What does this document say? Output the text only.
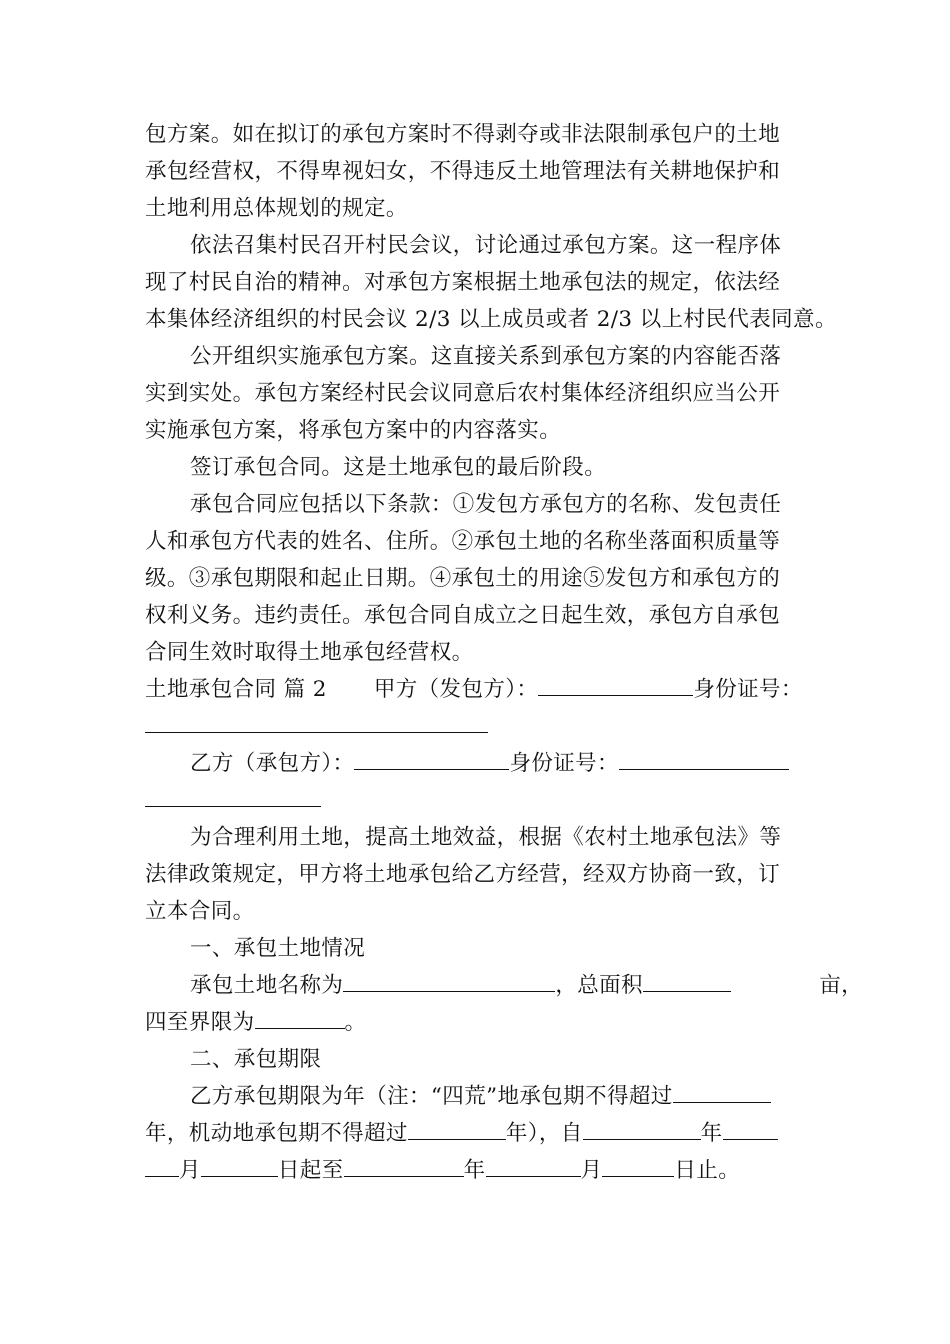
包方案。如在拟订的承包方案时不得剥夺或非法限制承包户的土地
承包经营权，不得卑视妇女，不得违反土地管理法有关耕地保护和
土地利用总体规划的规定。
依法召集村民召开村民会议，讨论通过承包方案。这一程序体
现了村民自治的精神。对承包方案根据土地承包法的规定，依法经
本集体经济组织的村民会议 2/3 以上成员或者 2/3 以上村民代表同意。
公开组织实施承包方案。这直接关系到承包方案的内容能否落
实到实处。承包方案经村民会议同意后农村集体经济组织应当公开
实施承包方案，将承包方案中的内容落实。
签订承包合同。这是土地承包的最后阶段。
承包合同应包括以下条款：①发包方承包方的名称、发包责任
人和承包方代表的姓名、住所。②承包土地的名称坐落面积质量等
级。③承包期限和起止日期。④承包土的用途⑤发包方和承包方的
权利义务。违约责任。承包合同自成立之日起生效，承包方自承包
合同生效时取得土地承包经营权。
土地承包合同 篇 2 甲方（发包方）：	身份证号：
乙方（承包方）：	身份证号：
为合理利用土地，提高土地效益，根据《农村土地承包法》等
法律政策规定，甲方将土地承包给乙方经营，经双方协商一致，订
立本合同。
一、承包土地情况
承包土地名称为	，总面积	亩，
四至界限为	。
二、承包期限
乙方承包期限为年（注：“四荒”地承包期不得超过
年，机动地承包期不得超过	年），自	年
月	日起至	年	月	日止。
